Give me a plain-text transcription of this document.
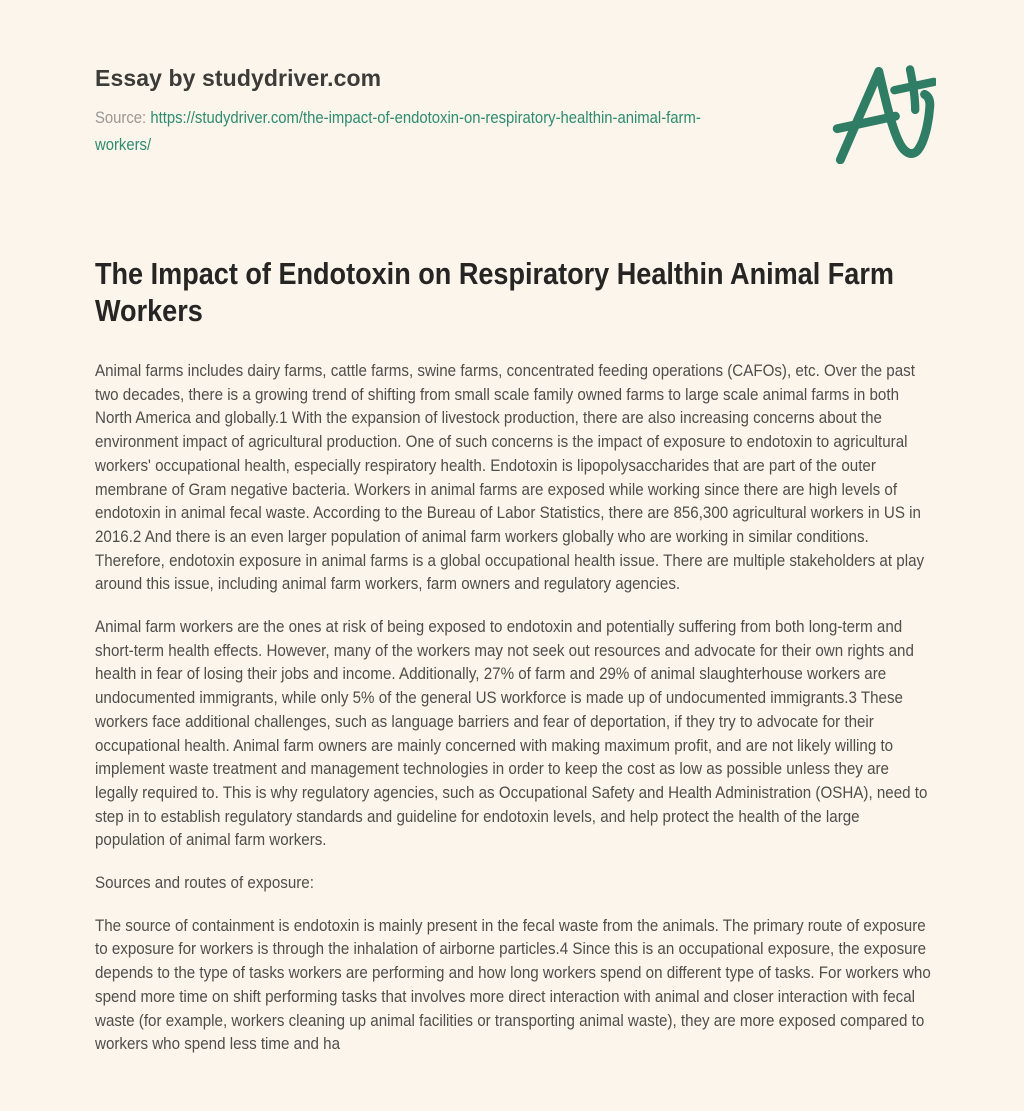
Essay by studydriver.com

Source: https://studydriver.com/the-impact-of-endotoxin-on-respiratory-healthin-animal-farm-workers/

The Impact of Endotoxin on Respiratory Healthin Animal Farm Workers

Animal farms includes dairy farms, cattle farms, swine farms, concentrated feeding operations (CAFOs), etc. Over the past two decades, there is a growing trend of shifting from small scale family owned farms to large scale animal farms in both North America and globally.1 With the expansion of livestock production, there are also increasing concerns about the environment impact of agricultural production. One of such concerns is the impact of exposure to endotoxin to agricultural workers' occupational health, especially respiratory health. Endotoxin is lipopolysaccharides that are part of the outer membrane of Gram negative bacteria. Workers in animal farms are exposed while working since there are high levels of endotoxin in animal fecal waste. According to the Bureau of Labor Statistics, there are 856,300 agricultural workers in US in 2016.2 And there is an even larger population of animal farm workers globally who are working in similar conditions. Therefore, endotoxin exposure in animal farms is a global occupational health issue. There are multiple stakeholders at play around this issue, including animal farm workers, farm owners and regulatory agencies.

Animal farm workers are the ones at risk of being exposed to endotoxin and potentially suffering from both long-term and short-term health effects. However, many of the workers may not seek out resources and advocate for their own rights and health in fear of losing their jobs and income. Additionally, 27% of farm and 29% of animal slaughterhouse workers are undocumented immigrants, while only 5% of the general US workforce is made up of undocumented immigrants.3 These workers face additional challenges, such as language barriers and fear of deportation, if they try to advocate for their occupational health. Animal farm owners are mainly concerned with making maximum profit, and are not likely willing to implement waste treatment and management technologies in order to keep the cost as low as possible unless they are legally required to. This is why regulatory agencies, such as Occupational Safety and Health Administration (OSHA), need to step in to establish regulatory standards and guideline for endotoxin levels, and help protect the health of the large population of animal farm workers.

Sources and routes of exposure:

The source of containment is endotoxin is mainly present in the fecal waste from the animals. The primary route of exposure to exposure for workers is through the inhalation of airborne particles.4 Since this is an occupational exposure, the exposure depends to the type of tasks workers are performing and how long workers spend on different type of tasks. For workers who spend more time on shift performing tasks that involves more direct interaction with animal and closer interaction with fecal waste (for example, workers cleaning up animal facilities or transporting animal waste), they are more exposed compared to workers who spend less time and ha
